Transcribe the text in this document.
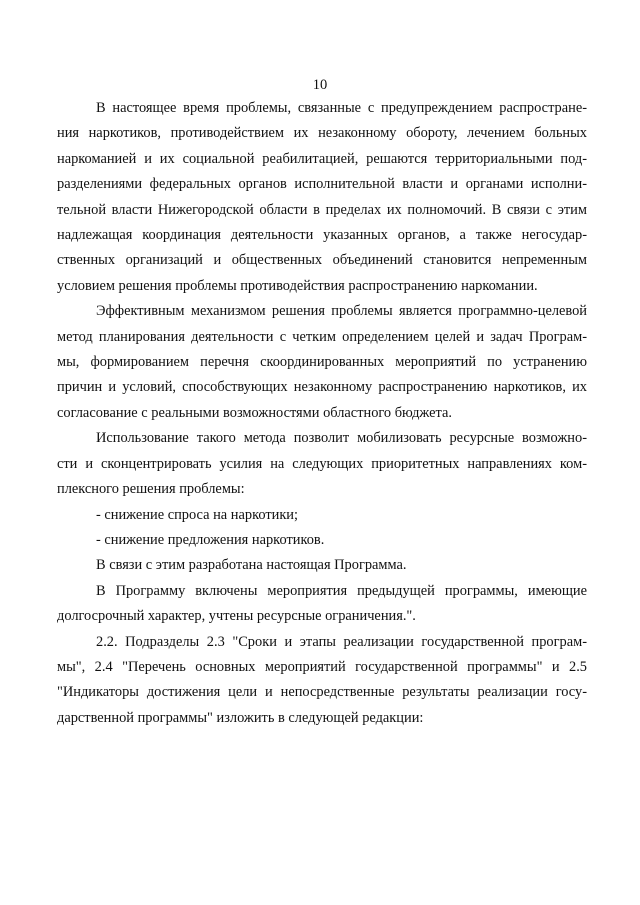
10
В настоящее время проблемы, связанные с предупреждением распростране-
ния наркотиков, противодействием их незаконному обороту, лечением больных
наркоманией и их социальной реабилитацией, решаются территориальными под-
разделениями федеральных органов исполнительной власти и органами исполни-
тельной власти Нижегородской области в пределах их полномочий. В связи с этим
надлежащая координация деятельности указанных органов, а также негосудар-
ственных организаций и общественных объединений становится непременным
условием решения проблемы противодействия распространению наркомании.
Эффективным механизмом решения проблемы является программно-целевой
метод планирования деятельности с четким определением целей и задач Програм-
мы, формированием перечня скоординированных мероприятий по устранению
причин и условий, способствующих незаконному распространению наркотиков, их
согласование с реальными возможностями областного бюджета.
Использование такого метода позволит мобилизовать ресурсные возможно-
сти и сконцентрировать усилия на следующих приоритетных направлениях ком-
плексного решения проблемы:
- снижение спроса на наркотики;
- снижение предложения наркотиков.
В связи с этим разработана настоящая Программа.
В Программу включены мероприятия предыдущей программы, имеющие
долгосрочный характер, учтены ресурсные ограничения.".
2.2. Подразделы 2.3 "Сроки и этапы реализации государственной програм-
мы", 2.4 "Перечень основных мероприятий государственной программы" и 2.5
"Индикаторы достижения цели и непосредственные результаты реализации госу-
дарственной программы" изложить в следующей редакции:
